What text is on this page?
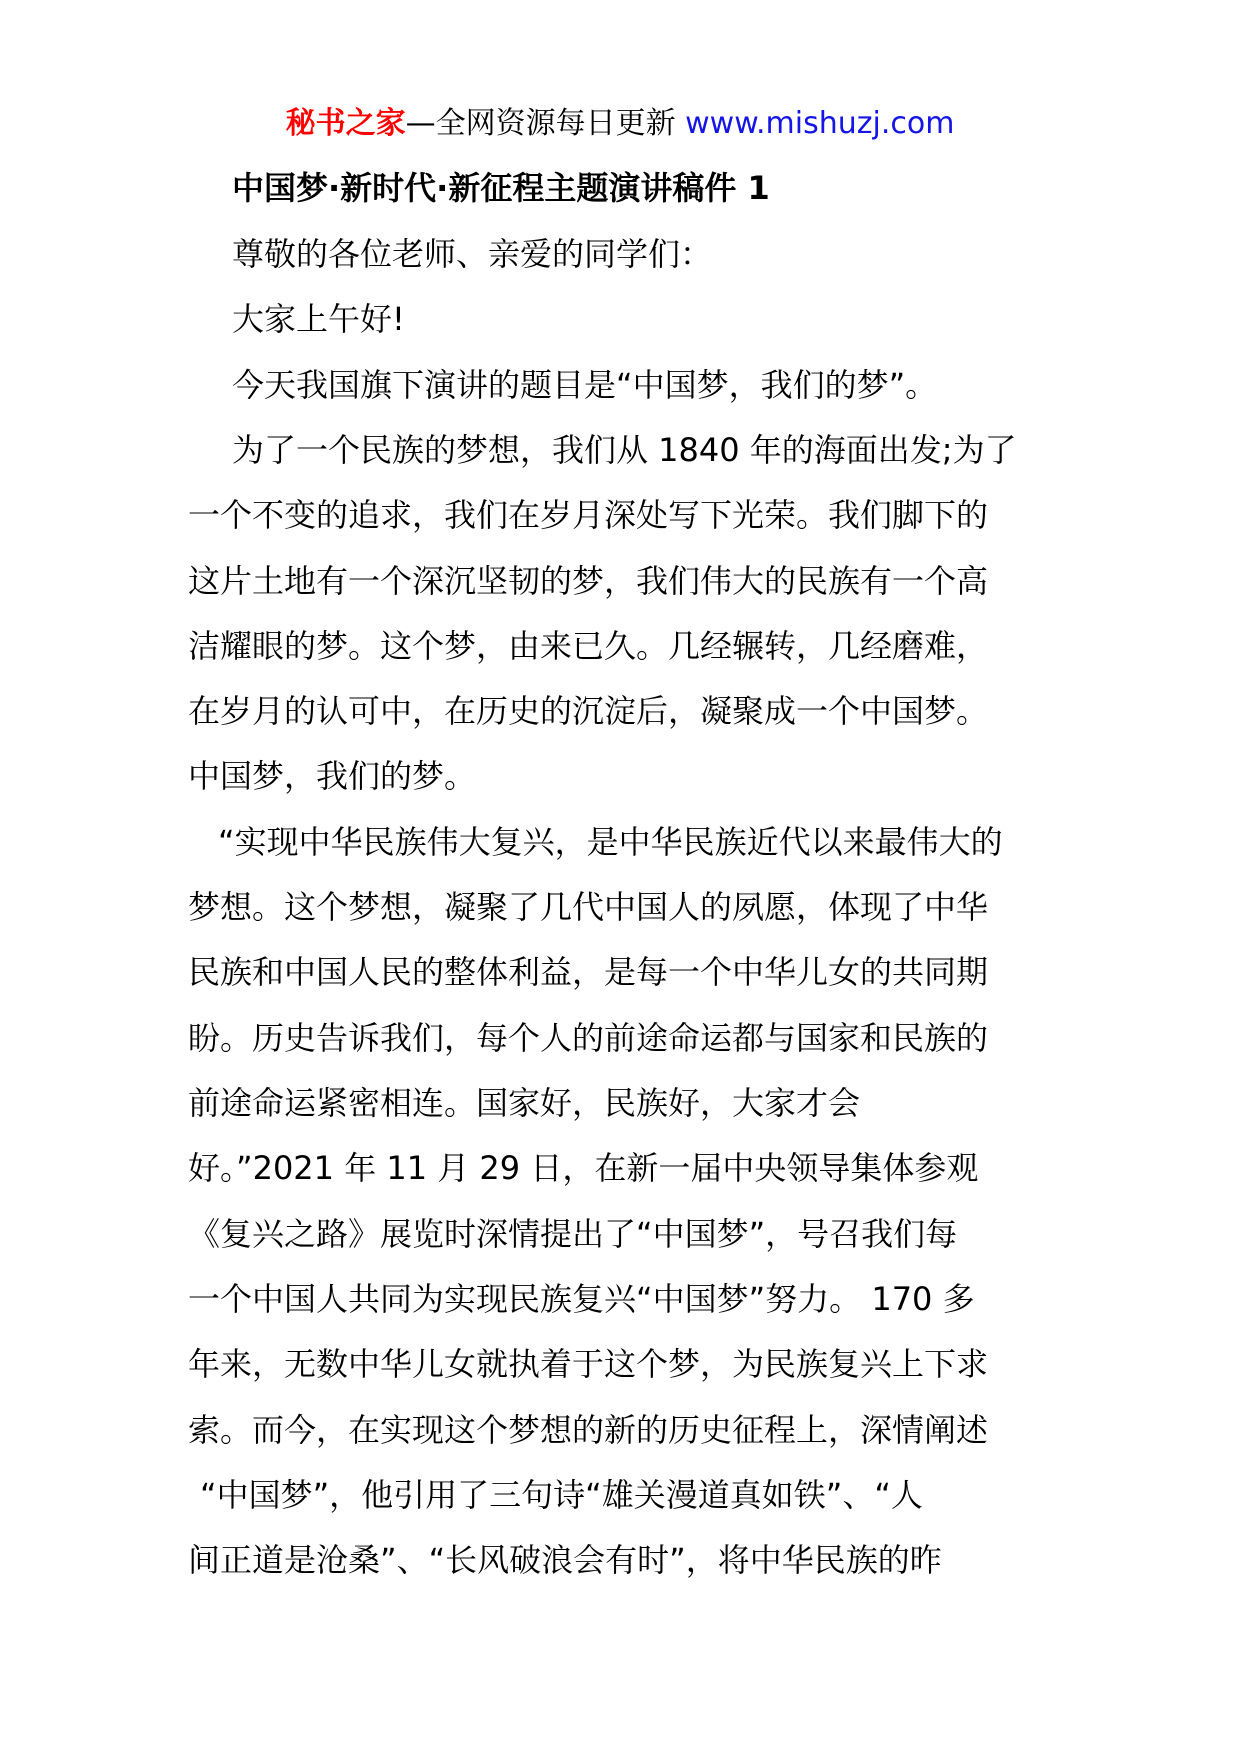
秘书之家—全网资源每日更新 www.mishuzj.com
中国梦·新时代·新征程主题演讲稿件 1
尊敬的各位老师、亲爱的同学们：
大家上午好!
今天我国旗下演讲的题目是“中国梦，我们的梦”。
为了一个民族的梦想，我们从 1840 年的海面出发;为了
一个不变的追求，我们在岁月深处写下光荣。我们脚下的
这片土地有一个深沉坚韧的梦，我们伟大的民族有一个高
洁耀眼的梦。这个梦，由来已久。几经辗转，几经磨难，
在岁月的认可中，在历史的沉淀后，凝聚成一个中国梦。
中国梦，我们的梦。
“实现中华民族伟大复兴，是中华民族近代以来最伟大的
梦想。这个梦想，凝聚了几代中国人的夙愿，体现了中华
民族和中国人民的整体利益，是每一个中华儿女的共同期
盼。历史告诉我们，每个人的前途命运都与国家和民族的
前途命运紧密相连。国家好，民族好，大家才会
好。”2021 年 11 月 29 日，在新一届中央领导集体参观
《复兴之路》展览时深情提出了“中国梦”，号召我们每
一个中国人共同为实现民族复兴“中国梦”努力。 170 多
年来，无数中华儿女就执着于这个梦，为民族复兴上下求
索。而今，在实现这个梦想的新的历史征程上，深情阐述
“中国梦”，他引用了三句诗“雄关漫道真如铁”、“人
间正道是沧桑”、“长风破浪会有时”，将中华民族的昨
